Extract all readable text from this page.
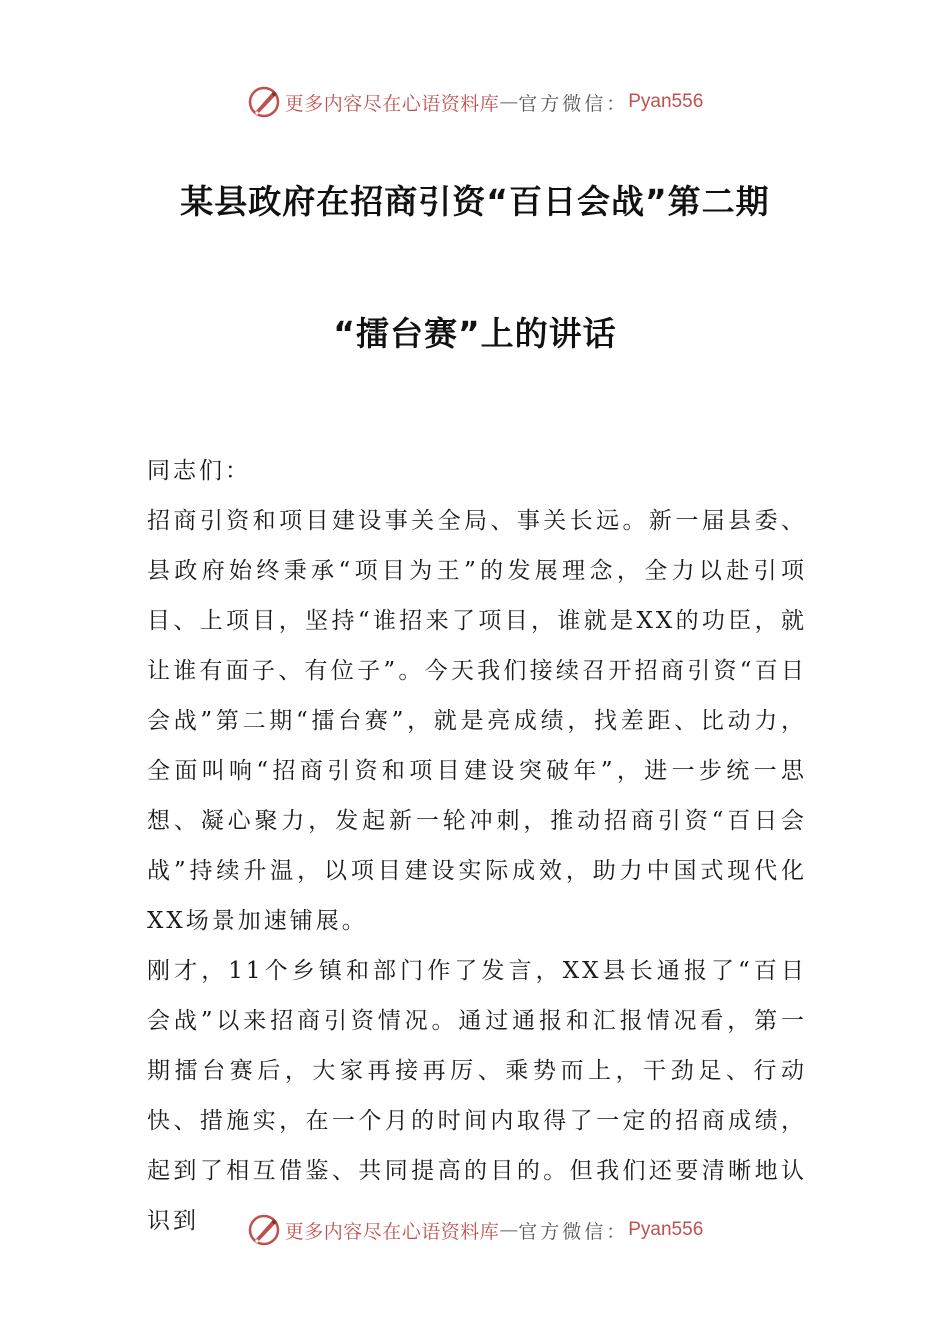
更多内容尽在心语资料库 — 官方微信： Pyan556
某县政府在招商引资“百日会战”第二期
“擂台赛”上的讲话

同志们：

招商引资和项目建设事关全局、事关长远。新一届县委、县政府始终秉承“项目为王”的发展理念，全力以赴引项目、上项目，坚持“谁招来了项目，谁就是XX的功臣，就让谁有面子、有位子”。今天我们接续召开招商引资“百日会战”第二期“擂台赛”，就是亮成绩，找差距、比动力，全面叫响“招商引资和项目建设突破年”，进一步统一思想、凝心聚力，发起新一轮冲刺，推动招商引资“百日会战”持续升温，以项目建设实际成效，助力中国式现代化XX场景加速铺展。

刚才，11个乡镇和部门作了发言，XX县长通报了“百日会战”以来招商引资情况。通过通报和汇报情况看，第一期擂台赛后，大家再接再厉、乘势而上，干劲足、行动快、措施实，在一个月的时间内取得了一定的招商成绩，起到了相互借鉴、共同提高的目的。但我们还要清晰地认识到	更多内容尽在心语资料库 — 官方微信： Pyan556
